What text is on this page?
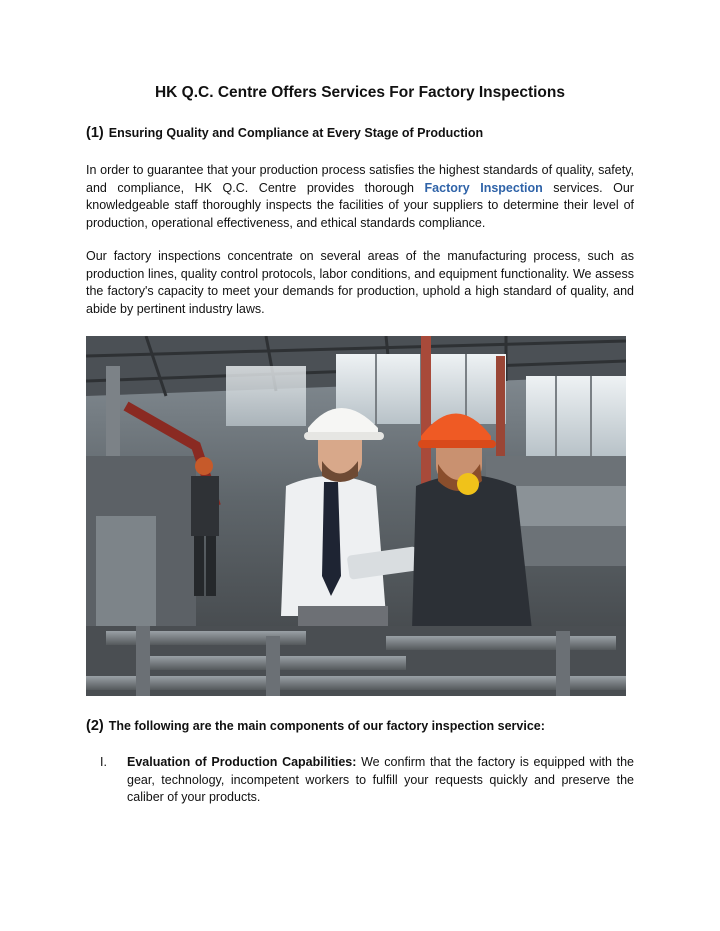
HK Q.C. Centre Offers Services For Factory Inspections
(1) Ensuring Quality and Compliance at Every Stage of Production

In order to guarantee that your production process satisfies the highest standards of quality, safety, and compliance, HK Q.C. Centre provides thorough Factory Inspection services. Our knowledgeable staff thoroughly inspects the facilities of your suppliers to determine their level of production, operational effectiveness, and ethical standards compliance.

Our factory inspections concentrate on several areas of the manufacturing process, such as production lines, quality control protocols, labor conditions, and equipment functionality. We assess the factory's capacity to meet your demands for production, uphold a high standard of quality, and abide by pertinent industry laws.

(2) The following are the main components of our factory inspection service:
I. Evaluation of Production Capabilities: We confirm that the factory is equipped with the gear, technology, incompetent workers to fulfill your requests quickly and preserve the caliber of your products.
